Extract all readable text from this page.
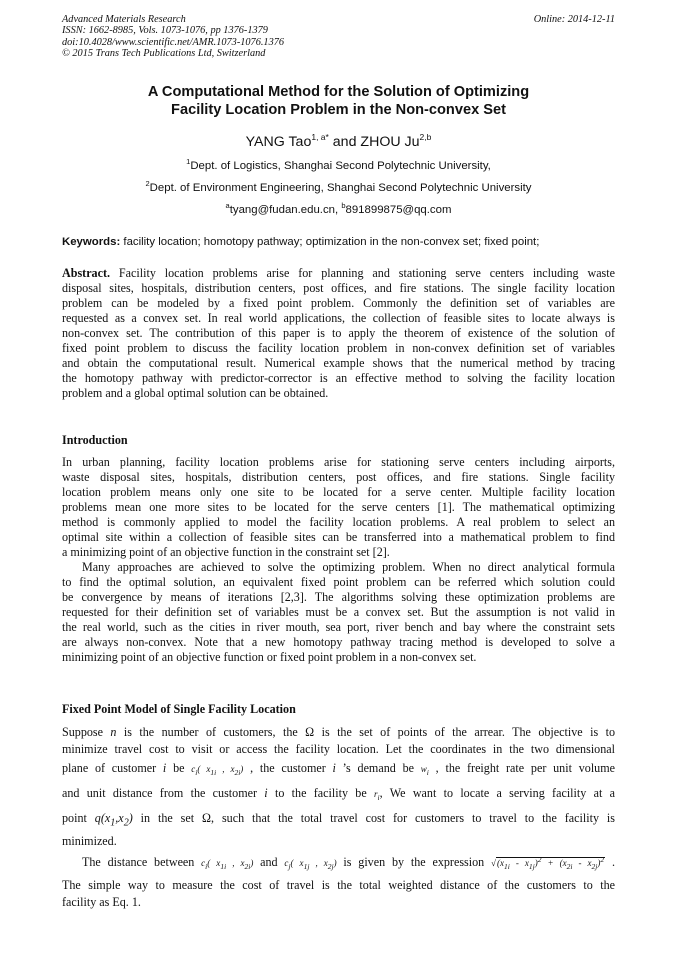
Advanced Materials Research
ISSN: 1662-8985, Vols. 1073-1076, pp 1376-1379
doi:10.4028/www.scientific.net/AMR.1073-1076.1376
© 2015 Trans Tech Publications Ltd, Switzerland
Online: 2014-12-11
A Computational Method for the Solution of Optimizing
Facility Location Problem in the Non-convex Set
YANG Tao$^{1, a*}$ and ZHOU Ju$^{2,b}$
$^1$Dept. of Logistics, Shanghai Second Polytechnic University,
$^2$Dept. of Environment Engineering, Shanghai Second Polytechnic University
$^a$tyang@fudan.edu.cn, $^b$891899875@qq.com
Keywords: facility location; homotopy pathway; optimization in the non-convex set; fixed point;
Abstract. Facility location problems arise for planning and stationing serve centers including waste
disposal sites, hospitals, distribution centers, post offices, and fire stations. The single facility location
problem can be modeled by a fixed point problem. Commonly the definition set of variables are
requested as a convex set. In real world applications, the collection of feasible sites to locate always is
non-convex set. The contribution of this paper is to apply the theorem of existence of the solution of
fixed point problem to discuss the facility location problem in non-convex definition set of variables
and obtain the computational result. Numerical example shows that the numerical method by tracing
the homotopy pathway with predictor-corrector is an effective method to solving the facility location
problem and a global optimal solution can be obtained.
Introduction
In urban planning, facility location problems arise for stationing serve centers including airports,
waste disposal sites, hospitals, distribution centers, post offices, and fire stations. Single facility
location problem means only one site to be located for a serve center. Multiple facility location
problems mean one more sites to be located for the serve centers [1]. The mathematical optimizing
method is commonly applied to model the facility location problems. A real problem to select an
optimal site within a collection of feasible sites can be transferred into a mathematical problem to find
a minimizing point of an objective function in the constraint set [2].
Many approaches are achieved to solve the optimizing problem. When no direct analytical formula
to find the optimal solution, an equivalent fixed point problem can be referred which solution could
be convergence by means of iterations [2,3]. The algorithms solving these optimization problems are
requested for their definition set of variables must be a convex set. But the assumption is not valid in
the real world, such as the cities in river mouth, sea port, river bench and bay where the constraint sets
are always non-convex. Note that a new homotopy pathway tracing method is developed to solve a
minimizing point of an objective function or fixed point problem in a non-convex set.
Fixed Point Model of Single Facility Location
Suppose n is the number of customers, the Ω is the set of points of the arrear. The objective is to
minimize travel cost to visit or access the facility location. Let the coordinates in the two dimensional
plane of customer i be $c_i$( $x_{1i}$ , $x_{2i}$) , the customer i ’s demand be $w_i$ , the freight rate per unit volume
and unit distance from the customer i to the facility be $r_i$, We want to locate a serving facility at a
point $q(x_1,x_2)$ in the set Ω, such that the total travel cost for customers to travel to the facility is
minimized.
The distance between $c_i$( $x_{1i}$ , $x_{2i}$) and $c_j$( $x_{1j}$ , $x_{2j}$) is given by the expression $√(x_{1i} - x_{1j})^2 + (x_{2i} - x_{2j})^2$ .
The simple way to measure the cost of travel is the total weighted distance of the customers to the
facility as Eq. 1.
